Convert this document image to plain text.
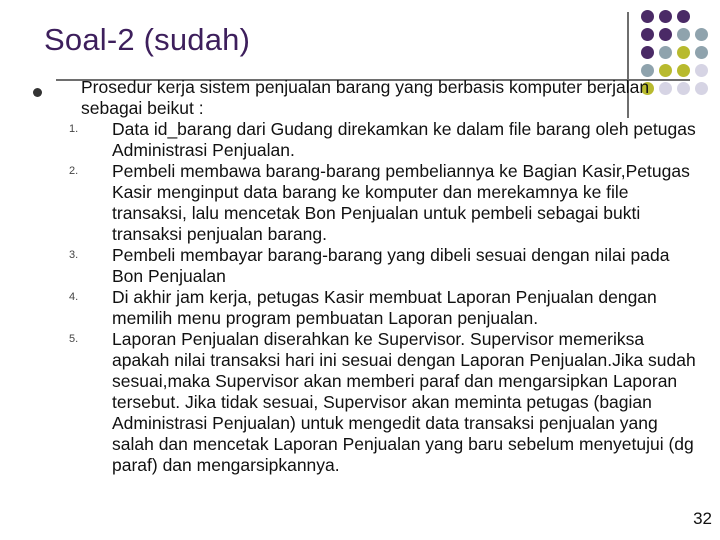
Soal-2 (sudah)
Prosedur kerja sistem penjualan barang yang berbasis komputer berjalan sebagai beikut :
1. Data id_barang dari Gudang direkamkan ke dalam file barang oleh petugas Administrasi Penjualan.
2. Pembeli membawa barang-barang pembeliannya ke Bagian Kasir,Petugas Kasir menginput data barang ke komputer dan merekamnya ke file transaksi, lalu mencetak Bon Penjualan untuk pembeli sebagai bukti transaksi penjualan barang.
3. Pembeli membayar barang-barang yang dibeli sesuai dengan nilai pada Bon Penjualan
4. Di akhir jam kerja, petugas Kasir membuat Laporan Penjualan dengan memilih menu program pembuatan Laporan penjualan.
5. Laporan Penjualan diserahkan ke Supervisor. Supervisor memeriksa apakah nilai transaksi hari ini sesuai dengan Laporan Penjualan.Jika sudah sesuai,maka Supervisor akan memberi paraf dan mengarsipkan Laporan tersebut. Jika tidak sesuai, Supervisor akan meminta petugas (bagian Administrasi Penjualan) untuk mengedit data transaksi penjualan yang salah dan mencetak Laporan Penjualan yang baru sebelum menyetujui (dg paraf) dan mengarsipkannya.
32
